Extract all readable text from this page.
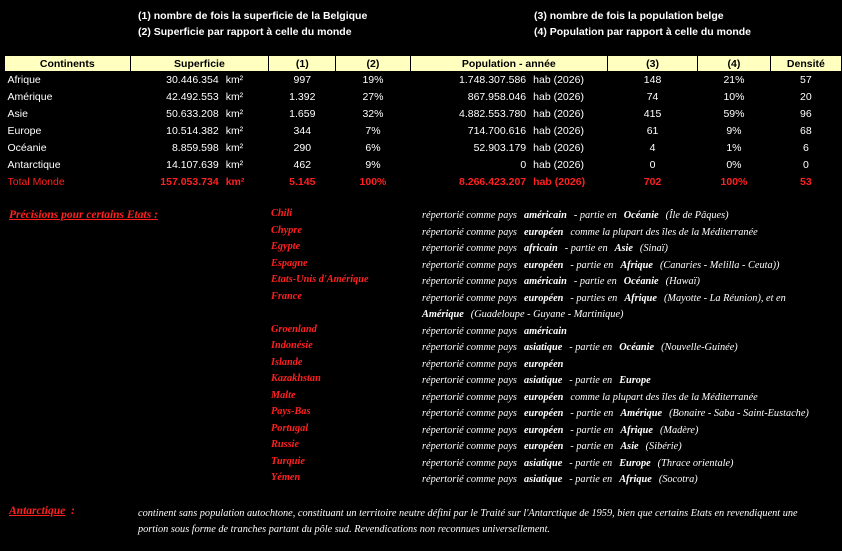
(1) nombre de fois la superficie de la Belgique
(2) Superficie par rapport à celle du monde
(3) nombre de fois la population belge
(4) Population par rapport à celle du monde
Continents	Superficie		(1)	(2)	Population - année		(3)	(4)	Densité
Afrique	30.446.354	km²	997	19%	1.748.307.586	hab (2026)	148	21%	57
Amérique	42.492.553	km²	1.392	27%	867.958.046	hab (2026)	74	10%	20
Asie	50.633.208	km²	1.659	32%	4.882.553.780	hab (2026)	415	59%	96
Europe	10.514.382	km²	344	7%	714.700.616	hab (2026)	61	9%	68
Océanie	8.859.598	km²	290	6%	52.903.179	hab (2026)	4	1%	6
Antarctique	14.107.639	km²	462	9%	0	hab (2026)	0	0%	0
Total Monde	157.053.734	km²	5.145	100%	8.266.423.207	hab (2026)	702	100%	53
Précisions pour certains Etats :	Chili	répertorié comme pays américain - partie en Océanie (Île de Pâques)
Chypre	répertorié comme pays européen comme la plupart des îles de la Méditerranée
Egypte	répertorié comme pays africain - partie en Asie (Sinaï)
Espagne	répertorié comme pays européen - partie en Afrique (Canaries - Melilla - Ceuta))
Etats-Unis d'Amérique	répertorié comme pays américain - partie en Océanie (Hawaï)
France	répertorié comme pays européen - parties en Afrique (Mayotte - La Réunion), et en
Amérique (Guadeloupe - Guyane - Martinique)
Groenland	répertorié comme pays américain
Indonésie	répertorié comme pays asiatique - partie en Océanie (Nouvelle-Guinée)
Islande	répertorié comme pays européen
Kazakhstan	répertorié comme pays asiatique - partie en Europe
Malte	répertorié comme pays européen comme la plupart des îles de la Méditerranée
Pays-Bas	répertorié comme pays européen - partie en Amérique (Bonaire - Saba - Saint-Eustache)
Portugal	répertorié comme pays européen - partie en Afrique (Madère)
Russie	répertorié comme pays européen - partie en Asie (Sibérie)
Turquie	répertorié comme pays asiatique - partie en Europe (Thrace orientale)
Yémen	répertorié comme pays asiatique - partie en Afrique (Socotra)
Antarctique :	continent sans population autochtone, constituant un territoire neutre défini par le Traité sur l'Antarctique de 1959, bien que certains Etats en revendiquent une portion sous forme de tranches partant du pôle sud. Revendications non reconnues universellement.
